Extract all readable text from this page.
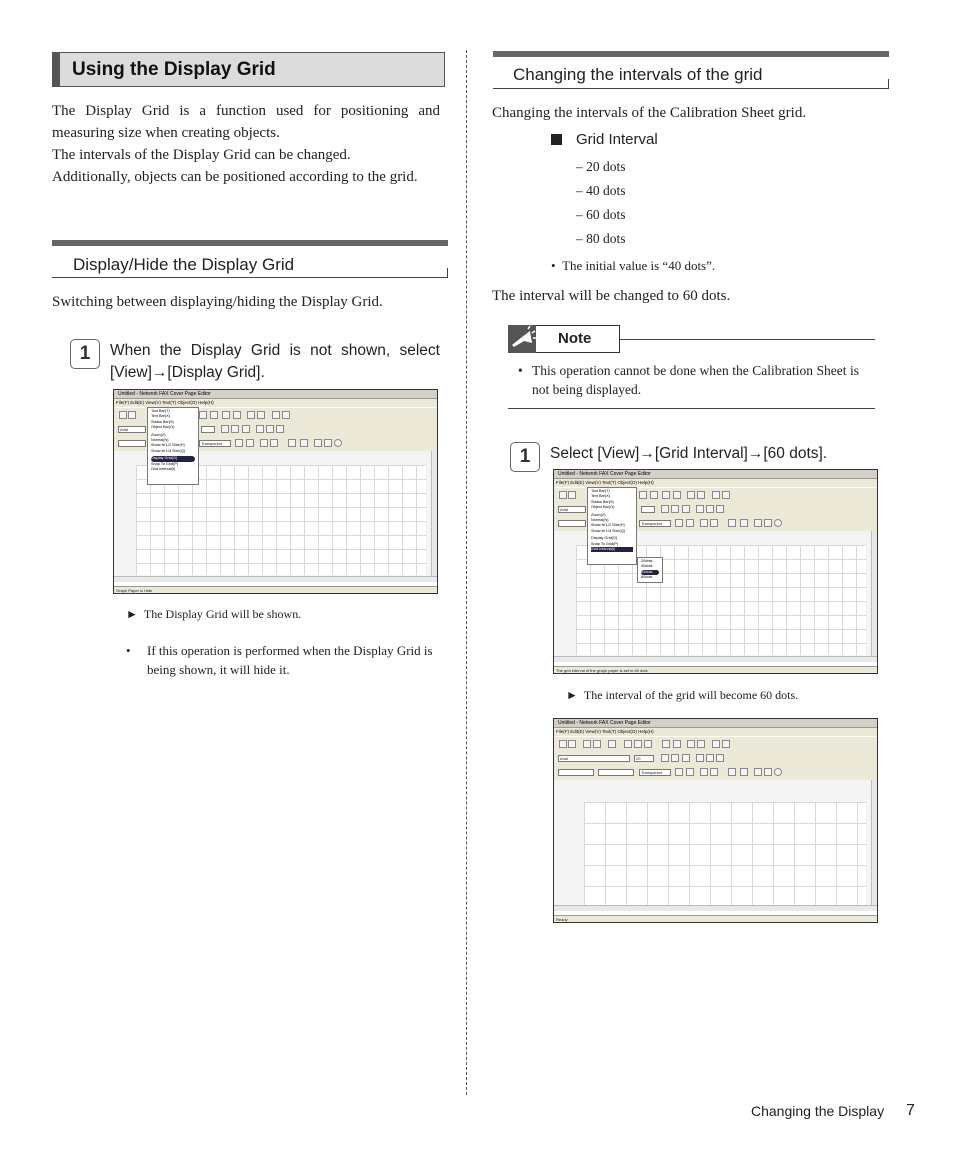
Using the Display Grid
The Display Grid is a function used for positioning and measuring size when creating objects.
The intervals of the Display Grid can be changed.
Additionally, objects can be positioned according to the grid.
Display/Hide the Display Grid
Switching between displaying/hiding the Display Grid.
1	When the Display Grid is not shown, select [View]→[Display Grid].
Untitled - Network FAX Cover Page Editor
File(F) Edit(E) View(V) Text(T) Object(O) Help(H)
Arial
Transparent
Tool Bar(T)
Text Bar(X)
Status Bar(S)
Object Bar(O)
Zoom(Z)
Normal(N)
Show at 1/2 Size(H)
Show at 1/4 Size(Q)
Display Grid(G)
Snap To Grid(P)
Grid Interval(I)
Graph Paper is Hide
► The Display Grid will be shown.
• If this operation is performed when the Display Grid is being shown, it will hide it.
Changing the intervals of the grid
Changing the intervals of the Calibration Sheet grid.
Grid Interval
– 20 dots
– 40 dots
– 60 dots
– 80 dots
• The initial value is “40 dots”.
The interval will be changed to 60 dots.
Note
• This operation cannot be done when the Calibration Sheet is not being displayed.
1	Select [View]→[Grid Interval]→[60 dots].
Untitled - Network FAX Cover Page Editor
File(F) Edit(E) View(V) Text(T) Object(O) Help(H)
Arial
Transparent
Tool Bar(T)
Text Bar(X)
Status Bar(S)
Object Bar(O)
Zoom(Z)
Normal(N)
Show at 1/2 Size(H)
Show at 1/4 Size(Q)
Display Grid(G)
Snap To Grid(P)
Grid Interval(I)
20dots
40dots
60dots
80dots
The grid interval of the graph paper is set to 60 dots
► The interval of the grid will become 60 dots.
Untitled - Network FAX Cover Page Editor
File(F) Edit(E) View(V) Text(T) Object(O) Help(H)
Arial	20
Transparent
Ready
Changing the Display 7
